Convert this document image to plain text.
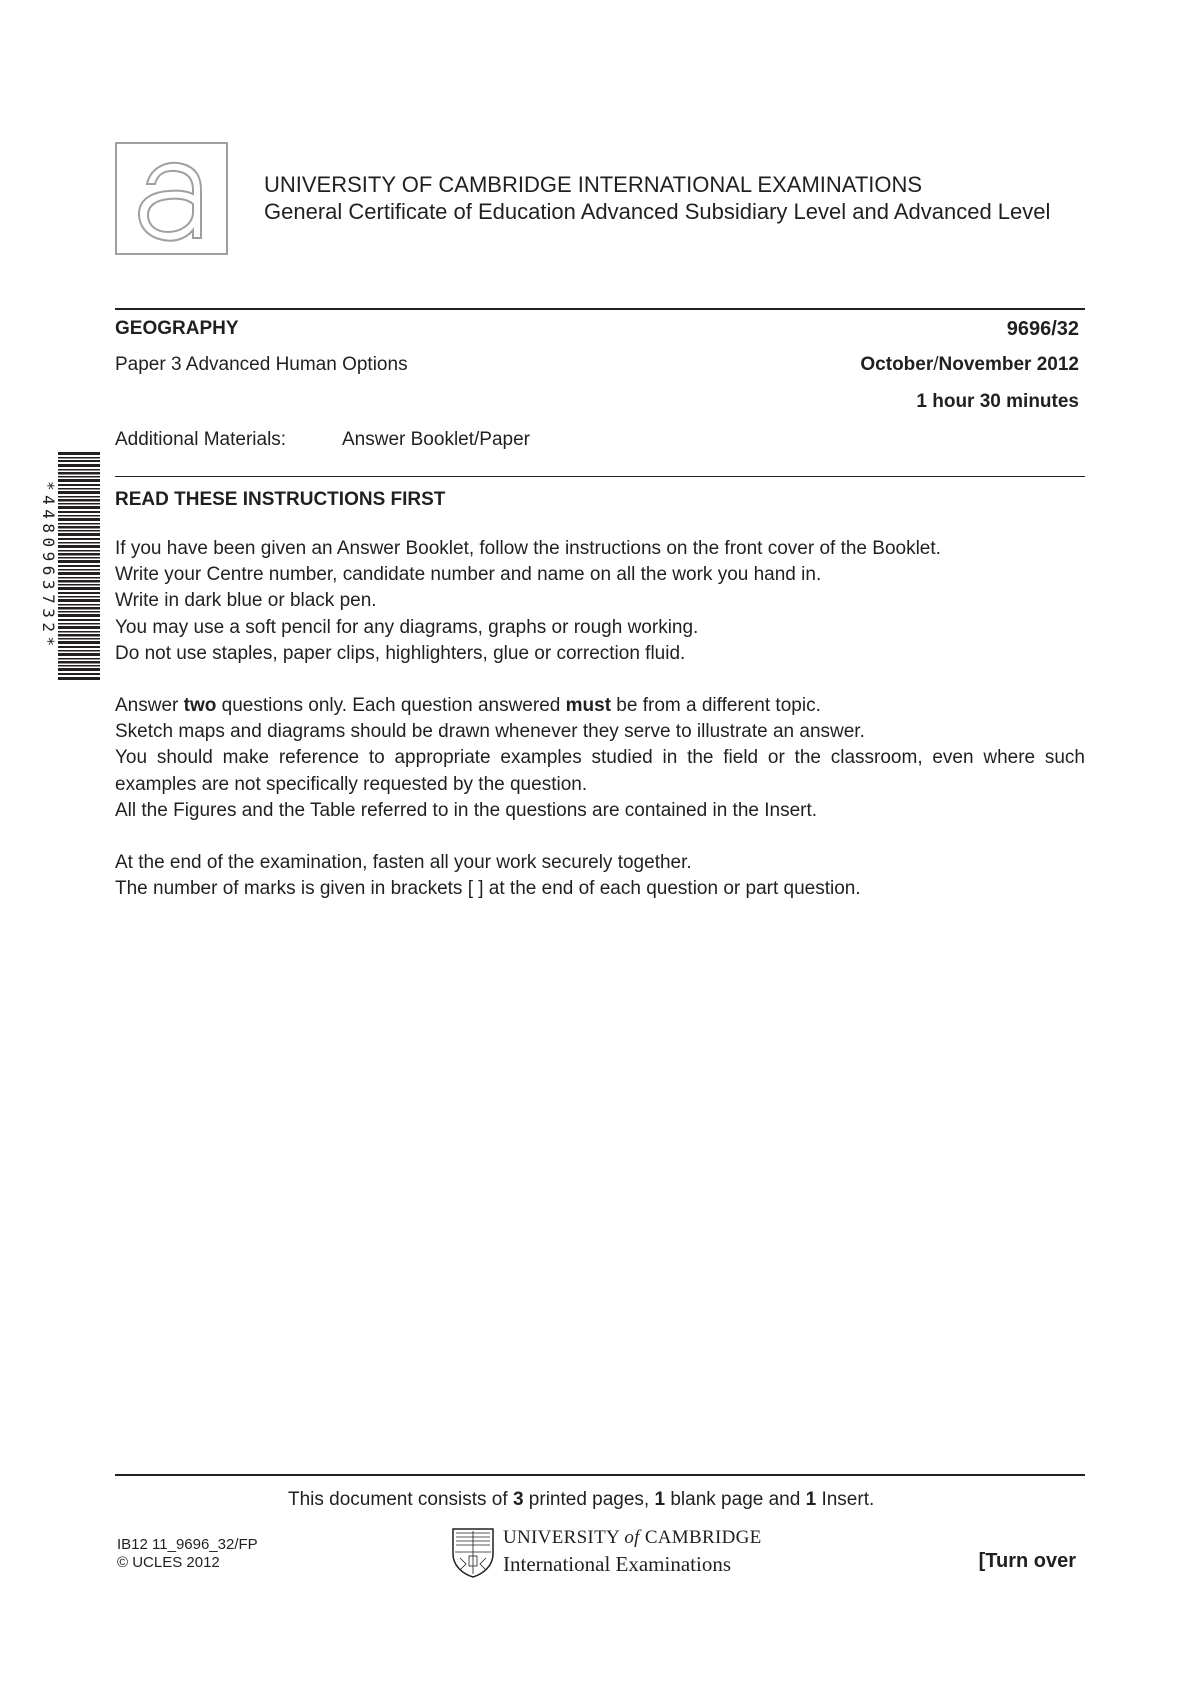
UNIVERSITY OF CAMBRIDGE INTERNATIONAL EXAMINATIONS
General Certificate of Education Advanced Subsidiary Level and Advanced Level
GEOGRAPHY	9696/32
Paper 3 Advanced Human Options	October/November 2012
1 hour 30 minutes
Additional Materials:	Answer Booklet/Paper
*4480963732*	READ THESE INSTRUCTIONS FIRST

If you have been given an Answer Booklet, follow the instructions on the front cover of the Booklet.

Write your Centre number, candidate number and name on all the work you hand in.

Write in dark blue or black pen.

You may use a soft pencil for any diagrams, graphs or rough working.

Do not use staples, paper clips, highlighters, glue or correction fluid.

Answer two questions only. Each question answered must be from a different topic.

Sketch maps and diagrams should be drawn whenever they serve to illustrate an answer.

You should make reference to appropriate examples studied in the field or the classroom, even where such examples are not specifically requested by the question.

All the Figures and the Table referred to in the questions are contained in the Insert.

At the end of the examination, fasten all your work securely together.

The number of marks is given in brackets [ ] at the end of each question or part question.

This document consists of 3 printed pages, 1 blank page and 1 Insert.
IB12 11_9696_32/FP
© UCLES 2012
UNIVERSITY of CAMBRIDGE
International Examinations	[Turn over
